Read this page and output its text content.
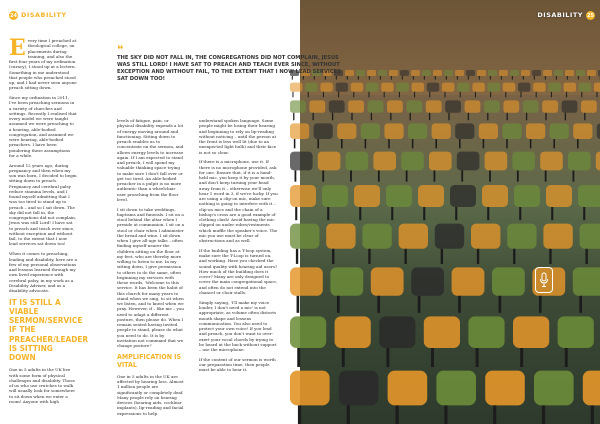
24 DISABILITY	DISABILITY 25

Every time I preached at theological college, on placements during training, and also the first four years of my ordination (curacy), I stood up at a lectern. Something in me understood that people who preached stood up, and I had never seen anyone preach sitting down.

Since my ordination in 2011, I've been preaching sermons in a variety of churches and settings. Recently I realised that every model we were taught assumed we were preaching to a hearing, able-bodied congregation, and assumed we were hearing, able-bodied preachers. I have been pondering these assumptions for a while.

Around 12 years ago, during pregnancy and then when my son was born, I decided to begin sitting down to preach. Pregnancy and cerebral palsy reduce stamina levels, and I found myself admitting that I was too tired to stand up to preach – and so I sat down. The sky did not fall in, the congregations did not complain, Jesus was still Lord! I have sat to preach and teach ever since, without exception and without fail, to the extent that I now lead services sat down too!

When it comes to preaching, leading and disability, here are a few of my personal observations and lessons learned through my own lived experience with cerebral palsy, in my work as a Disability Adviser, and as a disability advocate.

IT IS STILL A VIABLE SERMON/SERVICE IF THE PREACHER/LEADER IS SITTING DOWN

One in 5 adults in the UK live with some form of physical challenges and disability. Those of us who use crutches to walk will usually look for somewhere to sit down when we enter a room! Anyone with high

❝
THE SKY DID NOT FALL IN, THE CONGREGATIONS DID NOT COMPLAIN, JESUS WAS STILL LORD! I HAVE SAT TO PREACH AND TEACH EVER SINCE, WITHOUT EXCEPTION AND WITHOUT FAIL, TO THE EXTENT THAT I NOW LEAD SERVICES SAT DOWN TOO!

levels of fatigue, pain, or physical disability expends a lot of energy moving around and functioning. Sitting down to preach enables us to concentrate on the sermon, and allows energy levels to increase again. If I am expected to stand and preach, I will spend my valuable thinking space trying to make sure I don't fall over or get too tired. An able-bodied preacher in a pulpit is no more authentic than a wheelchair user preaching from the floor level.

I sit down to take weddings, baptisms and funerals. I sit on a stool behind the altar when I preside at communion. I sit on a stool or chair when I administer the bread and wine. I sit down when I give all-age talks – often finding myself nearer the children sitting on the floor at my feet, who are thereby more willing to listen to me. In my sitting down, I give permission to others to do the same, often beginning my services with these words, 'Welcome to this service. It has been the habit of this church for many years to stand when we sing, to sit when we listen, and to kneel when we pray. However, if – like me – you need to adapt a different posture, then please do. When I remain seated having invited people to stand, please do what you need to do. It is by invitation not command that we change posture!'

AMPLIFICATION IS VITAL

One in 5 adults in the UK are affected by hearing loss. Almost 1 million people are significantly or completely deaf. Many people rely on hearing devices (hearing aids, cochlear implants), lip-reading and facial expressions to help

understand spoken language. Some people might be losing their hearing and beginning to rely on lip-reading without noticing – until the person at the front is less well lit (due to an unexpected light bulb) and their face is not so clear.

If there is a microphone, use it. If there is no microphone provided, ask for one. Ensure that, if it is a hand-held mic, you keep it by your mouth, and don't keep turning your head away from it – otherwise we'll only hear 1 word in 3, if we're lucky. If you are using a clip-on mic, make sure nothing is going to interfere with it – clip-on mics and the chain of a bishop's cross are a good example of clothing clash! Avoid having the mic clipped on under robes/vestments which muffle the speaker's voice. The mic you use must be clear of obstructions and as well.

If the building has a T-loop system, make sure the T-Loop is turned on, and working. Have you checked the sound quality with hearing aid users? How much of the building does it cover? Many are only designed to cover the main congregational space, and often do not extend into the chancel or choir stalls.

Simply saying, 'I'll make my voice louder, I don't need a mic' is not appropriate, as volume often distorts mouth shape and lessens communication. You also need to protect your own voice! If you lead and preach, you don't want to over-exert your vocal chords by trying to be heard at the back without support – use the microphone.

If the content of our sermon is worth our preparation time, then people must be able to hear it.
